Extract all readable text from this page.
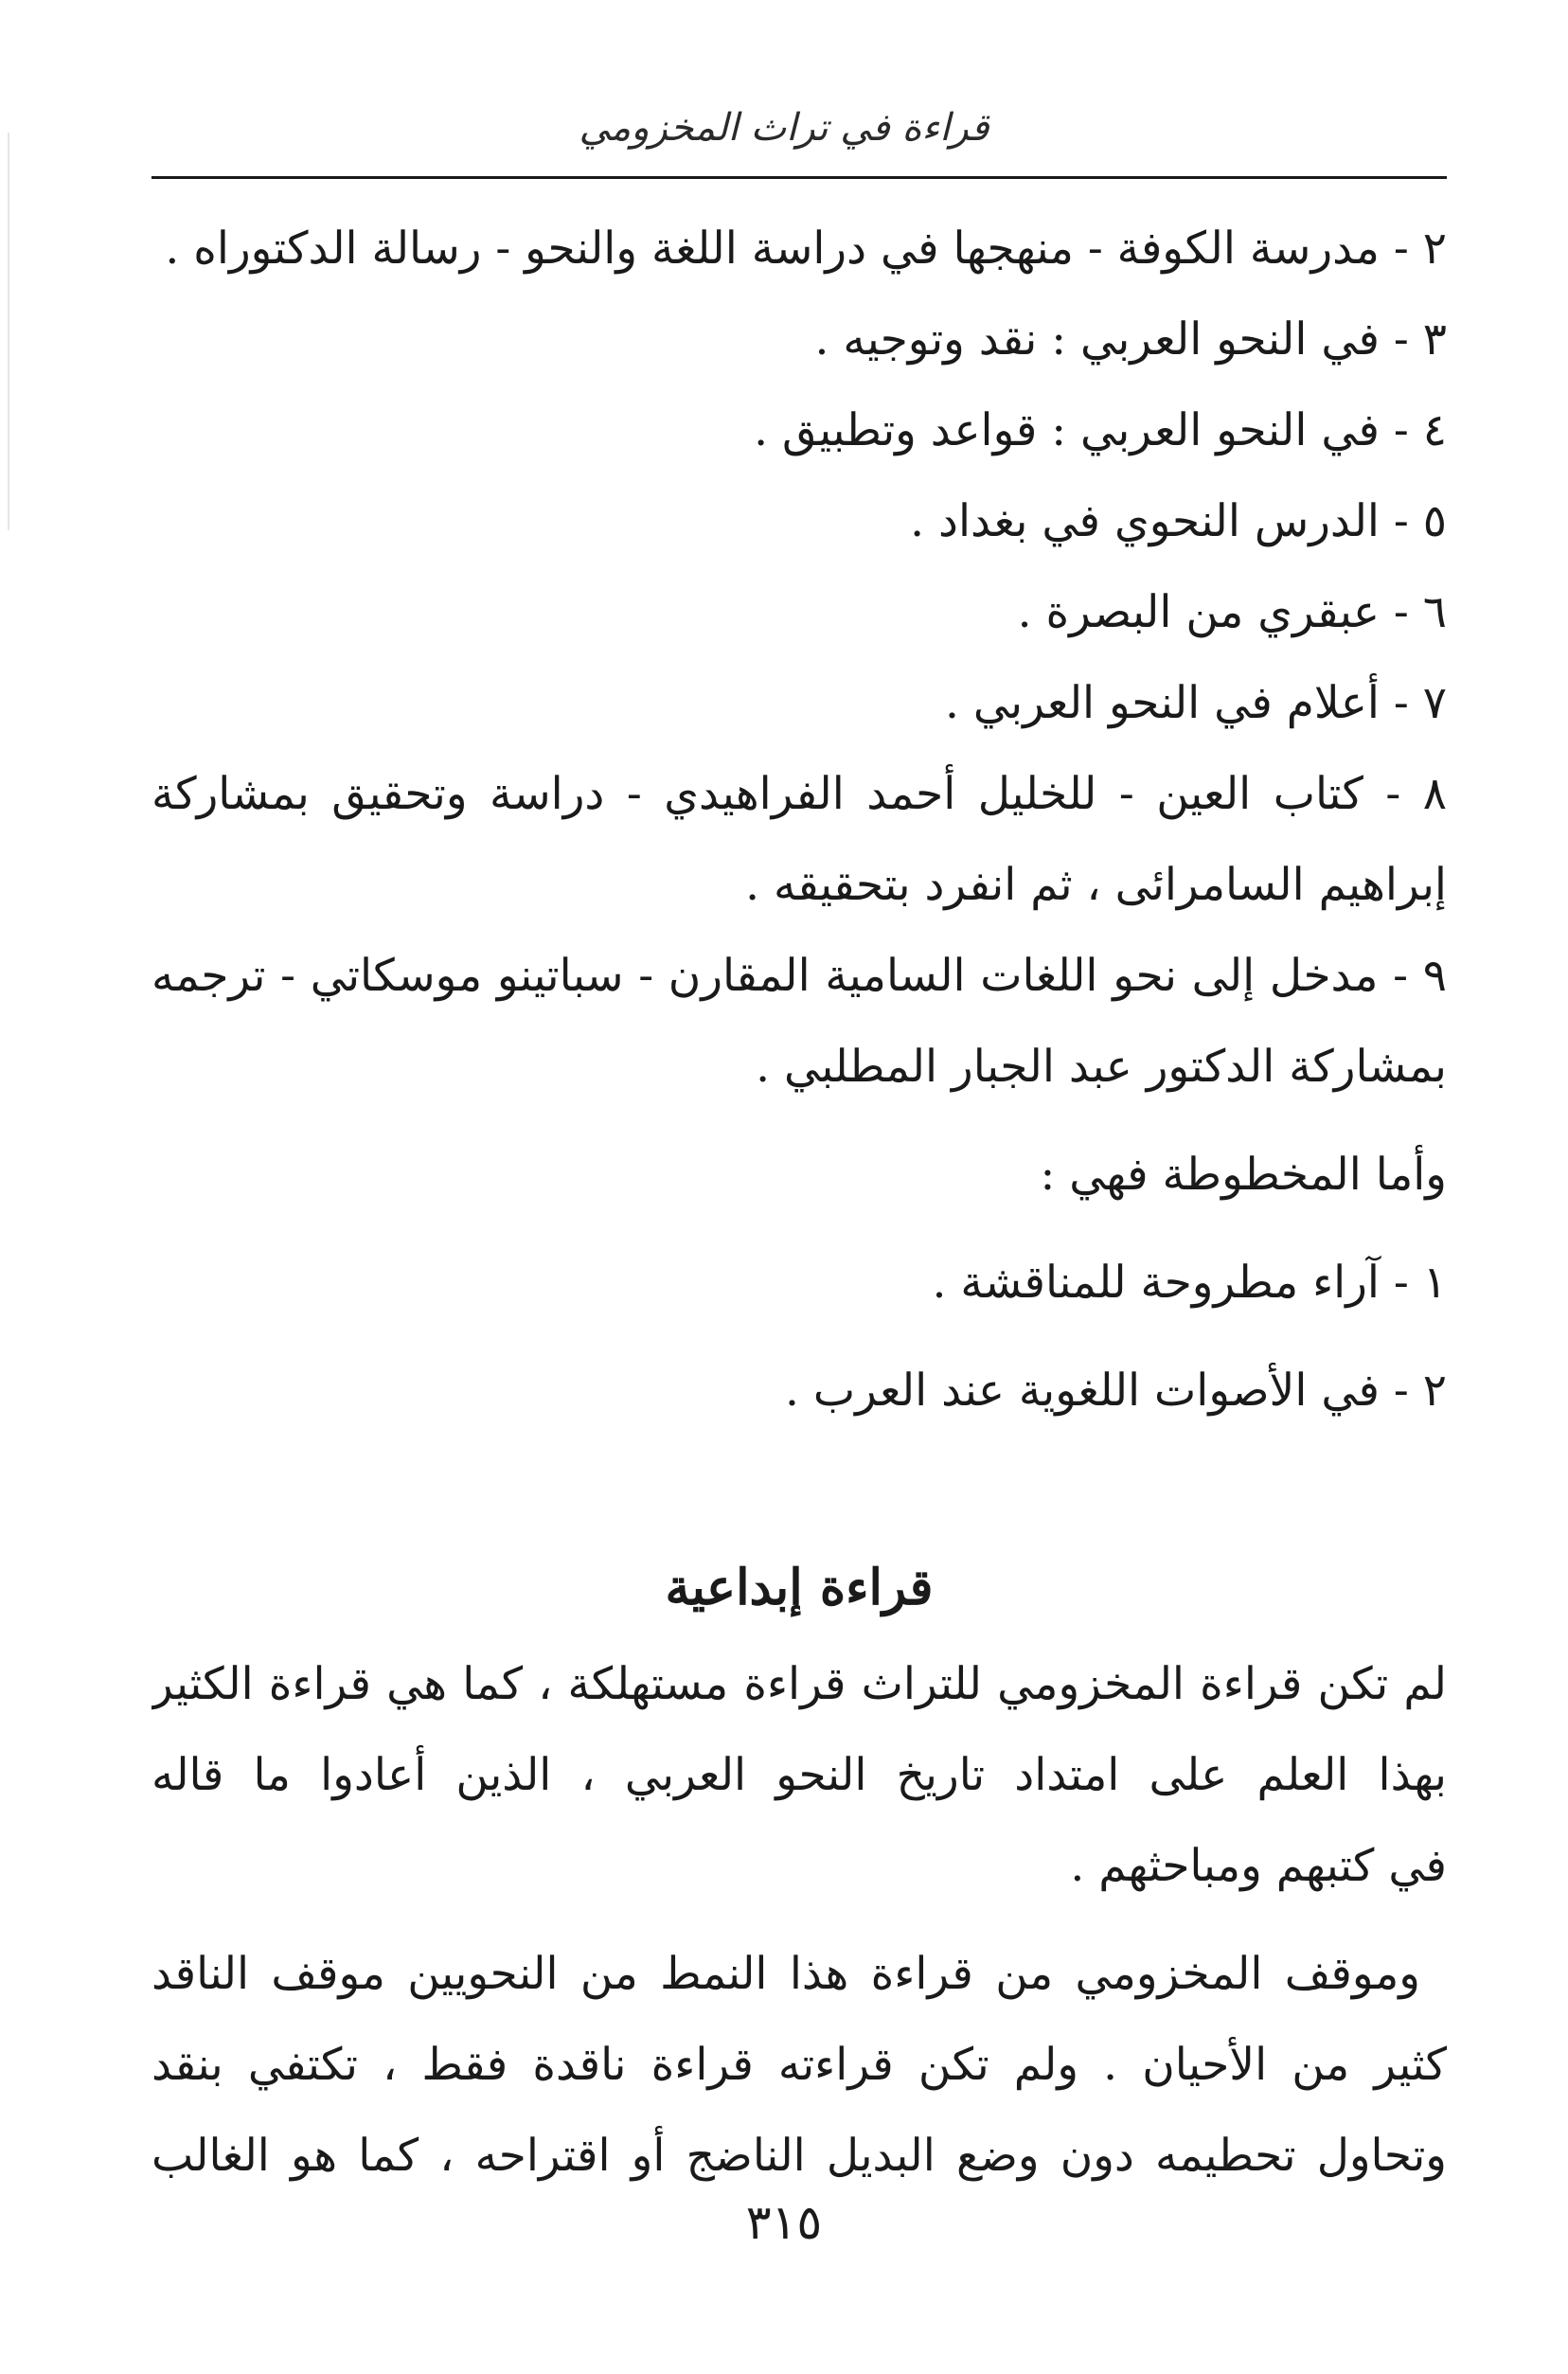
قراءة في تراث المخزومي
٢ - مدرسة الكوفة - منهجها في دراسة اللغة والنحو - رسالة الدكتوراه .
٣ - في النحو العربي : نقد وتوجيه .
٤ - في النحو العربي : قواعد وتطبيق .
٥ - الدرس النحوي في بغداد .
٦ - عبقري من البصرة .
٧ - أعلام في النحو العربي .
٨ - كتاب العين - للخليل أحمد الفراهيدي - دراسة وتحقيق بمشاركة
إبراهيم السامرائى ، ثم انفرد بتحقيقه .
٩ - مدخل إلى نحو اللغات السامية المقارن - سباتينو موسكاتي - ترجمه
بمشاركة الدكتور عبد الجبار المطلبي .
وأما المخطوطة فهي :
١ - آراء مطروحة للمناقشة .
٢ - في الأصوات اللغوية عند العرب .
قراءة إبداعية
لم تكن قراءة المخزومي للتراث قراءة مستهلكة ، كما هي قراءة الكثير
بهذا العلم على امتداد تاريخ النحو العربي ، الذين أعادوا ما قاله
في كتبهم ومباحثهم .
وموقف المخزومي من قراءة هذا النمط من النحويين موقف الناقد
كثير من الأحيان . ولم تكن قراءته قراءة ناقدة فقط ، تكتفي بنقد
وتحاول تحطيمه دون وضع البديل الناضج أو اقتراحه ، كما هو الغالب
٣١٥
